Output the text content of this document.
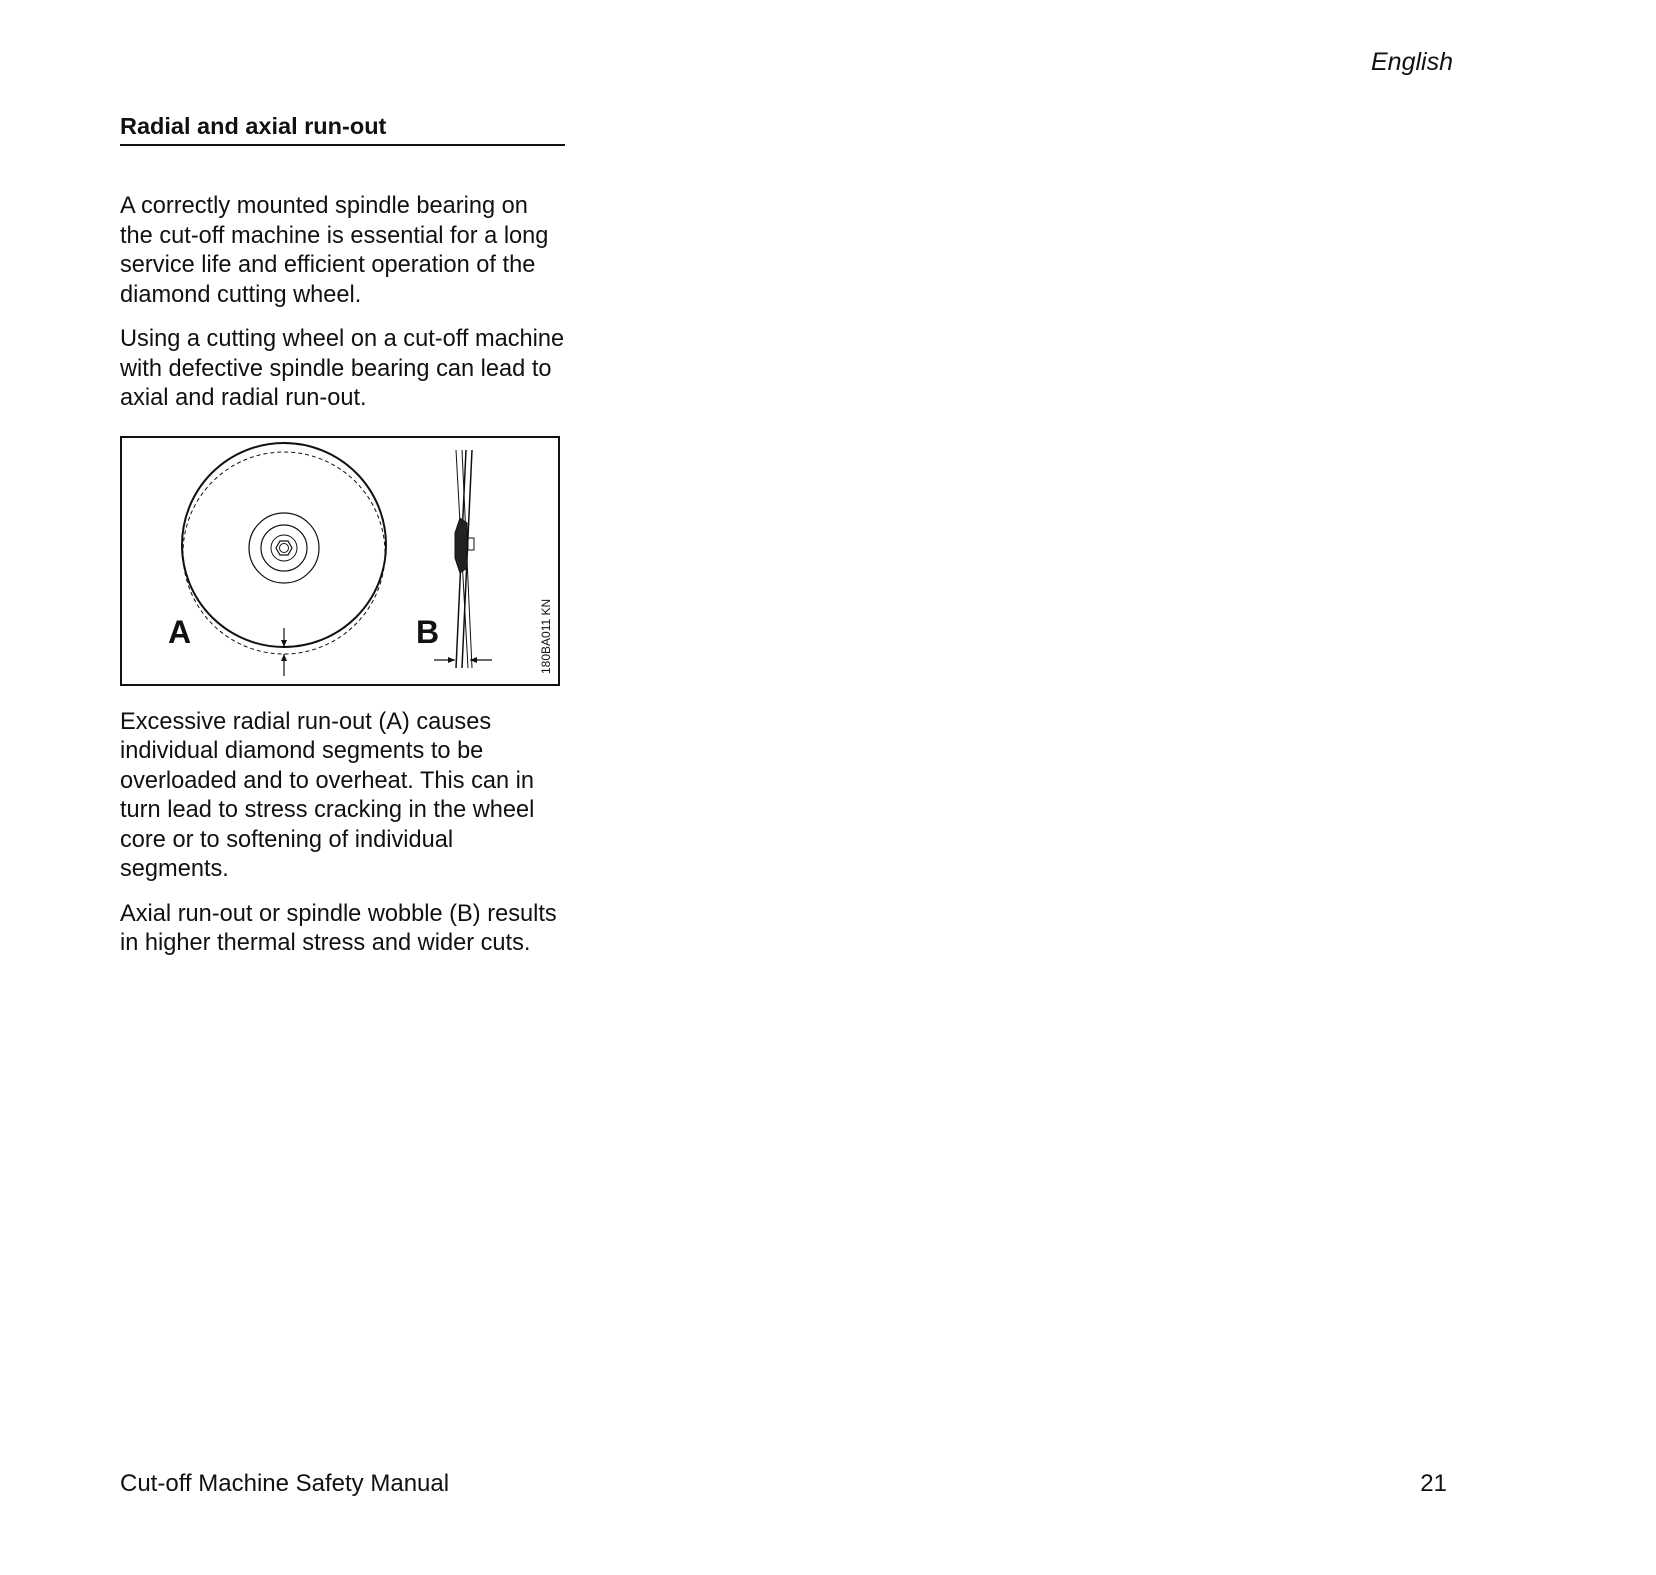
English
Radial and axial run-out

A correctly mounted spindle bearing on the cut-off machine is essential for a long service life and efficient operation of the diamond cutting wheel.

Using a cutting wheel on a cut-off machine with defective spindle bearing can lead to axial and radial run-out.

A	B	180BA011 KN

Excessive radial run-out (A) causes individual diamond segments to be overloaded and to overheat. This can in turn lead to stress cracking in the wheel core or to softening of individual segments.

Axial run-out or spindle wobble (B) results in higher thermal stress and wider cuts.

Cut-off Machine Safety Manual	21
